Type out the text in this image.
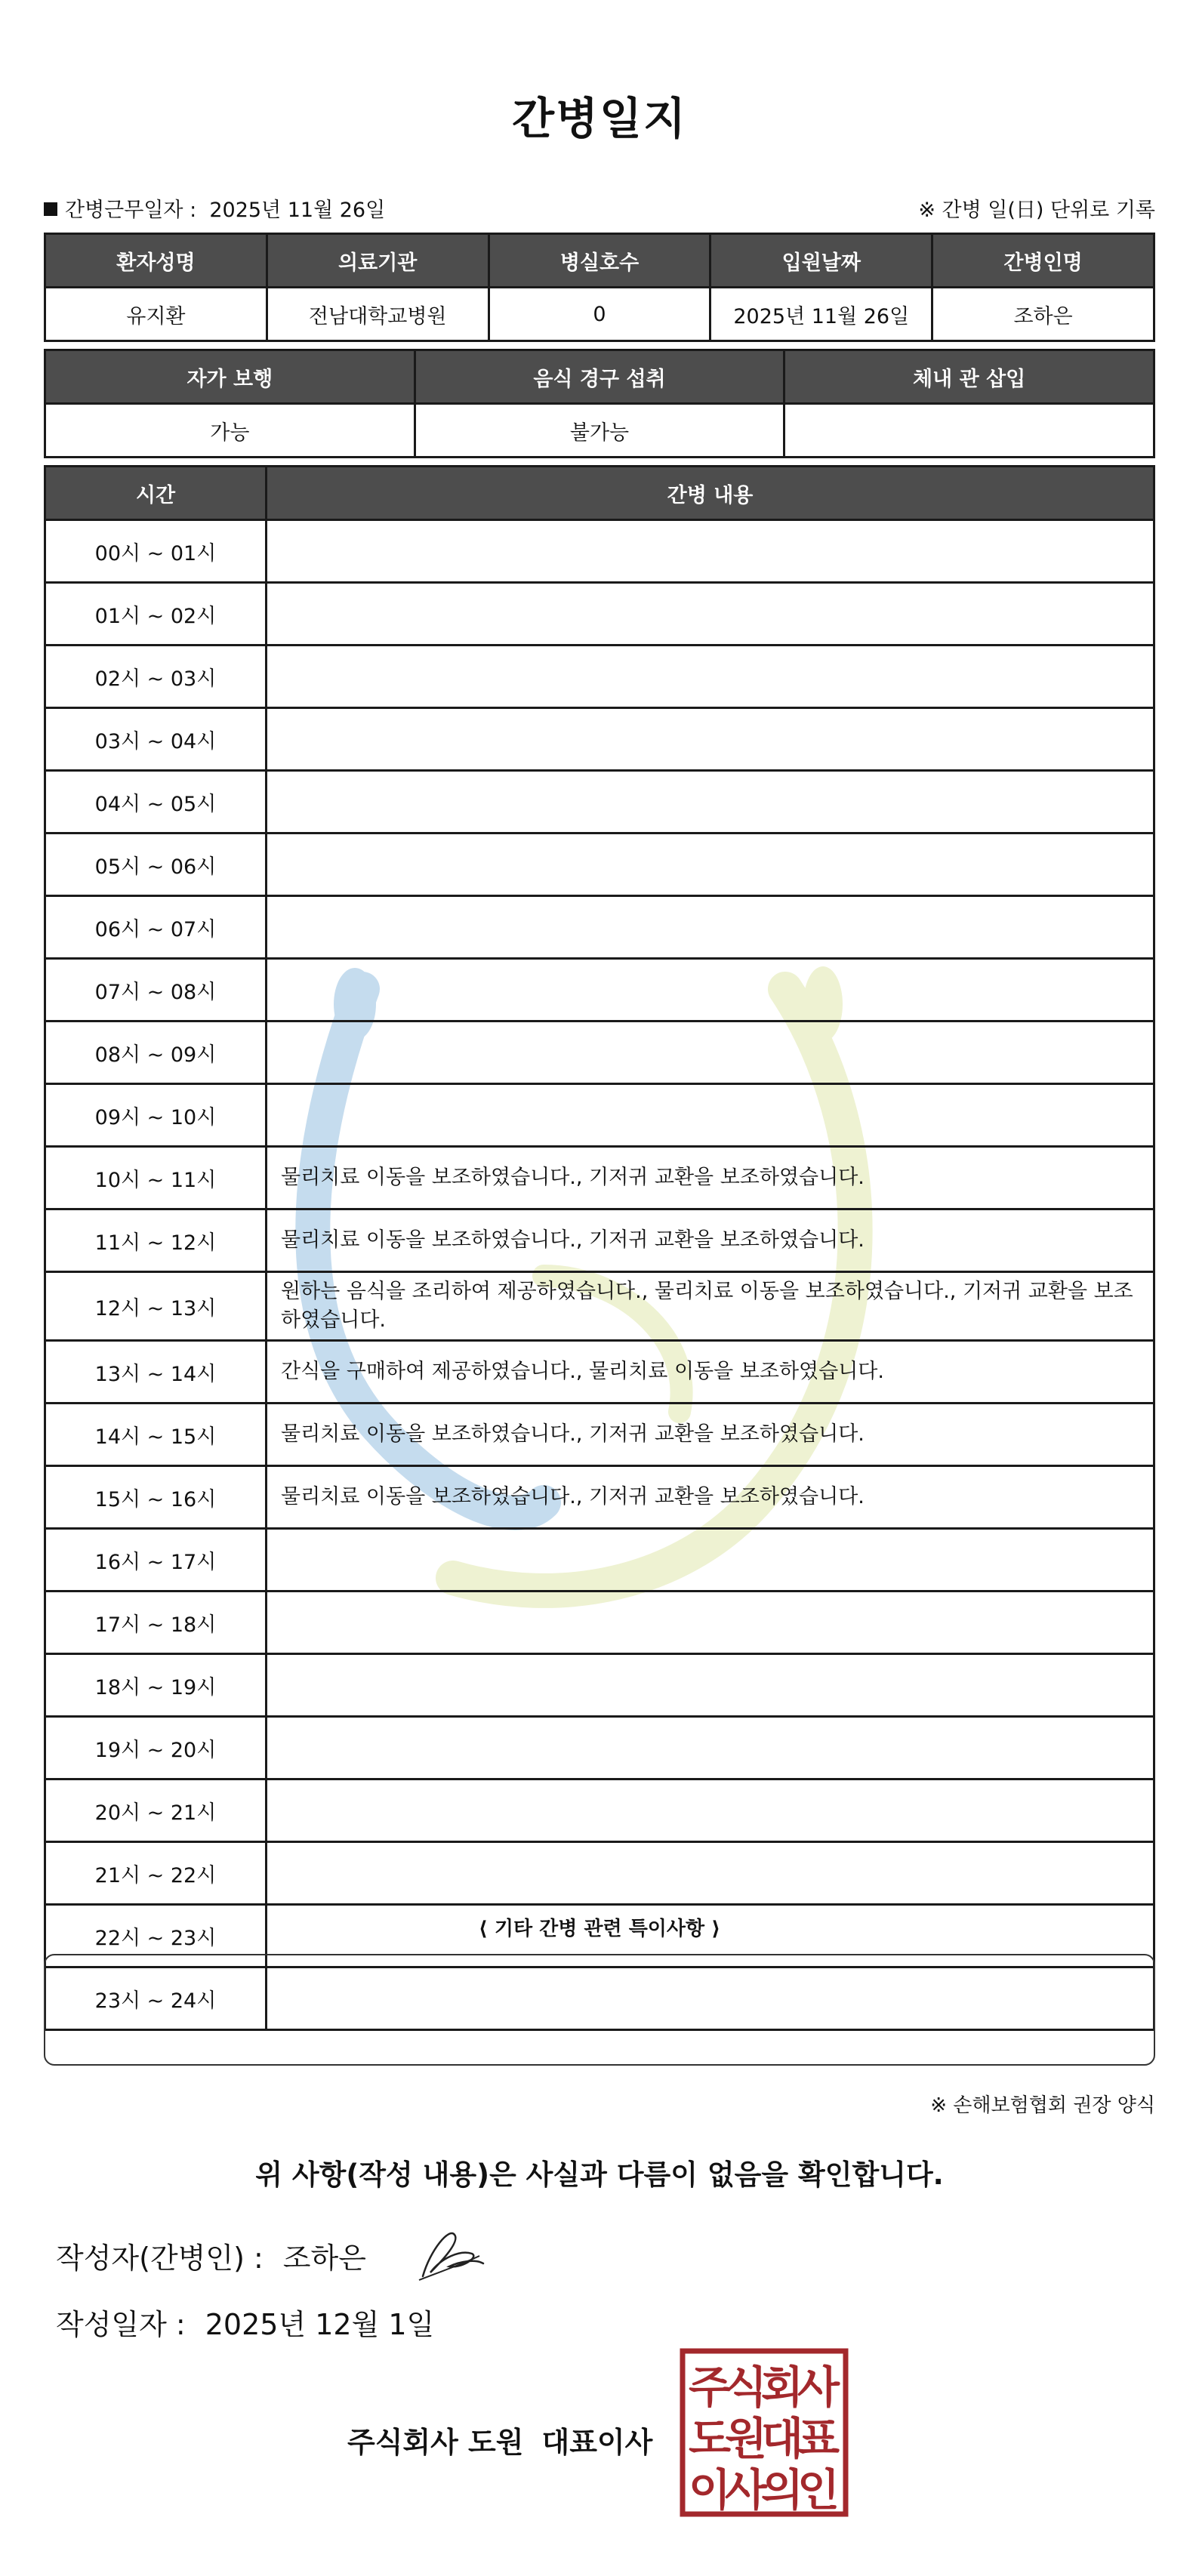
간병일지
간병근무일자 : 2025년 11월 26일	※ 간병 일(日) 단위로 기록
환자성명	의료기관	병실호수	입원날짜	간병인명
유지환	전남대학교병원	0	2025년 11월 26일	조하은
자가 보행	음식 경구 섭취	체내 관 삽입
가능	불가능	
시간	간병 내용
00시 ~ 01시	
01시 ~ 02시	
02시 ~ 03시	
03시 ~ 04시	
04시 ~ 05시	
05시 ~ 06시	
06시 ~ 07시	
07시 ~ 08시	
08시 ~ 09시	
09시 ~ 10시	
10시 ~ 11시	물리치료 이동을 보조하였습니다., 기저귀 교환을 보조하였습니다.
11시 ~ 12시	물리치료 이동을 보조하였습니다., 기저귀 교환을 보조하였습니다.
12시 ~ 13시	원하는 음식을 조리하여 제공하였습니다., 물리치료 이동을 보조하였습니다., 기저귀 교환을 보조하였습니다.
13시 ~ 14시	간식을 구매하여 제공하였습니다., 물리치료 이동을 보조하였습니다.
14시 ~ 15시	물리치료 이동을 보조하였습니다., 기저귀 교환을 보조하였습니다.
15시 ~ 16시	물리치료 이동을 보조하였습니다., 기저귀 교환을 보조하였습니다.
16시 ~ 17시	
17시 ~ 18시	
18시 ~ 19시	
19시 ~ 20시	
20시 ~ 21시	
21시 ~ 22시	
22시 ~ 23시	
23시 ~ 24시	
⟨ 기타 간병 관련 특이사항 ⟩
※ 손해보험협회 권장 양식
위 사항(작성 내용)은 사실과 다름이 없음을 확인합니다.
작성자(간병인) : 조하은
작성일자 : 2025년 12월 1일
주식회사 도원 대표이사
주
식
회
사
도
원
대
표
이
사
의
인
